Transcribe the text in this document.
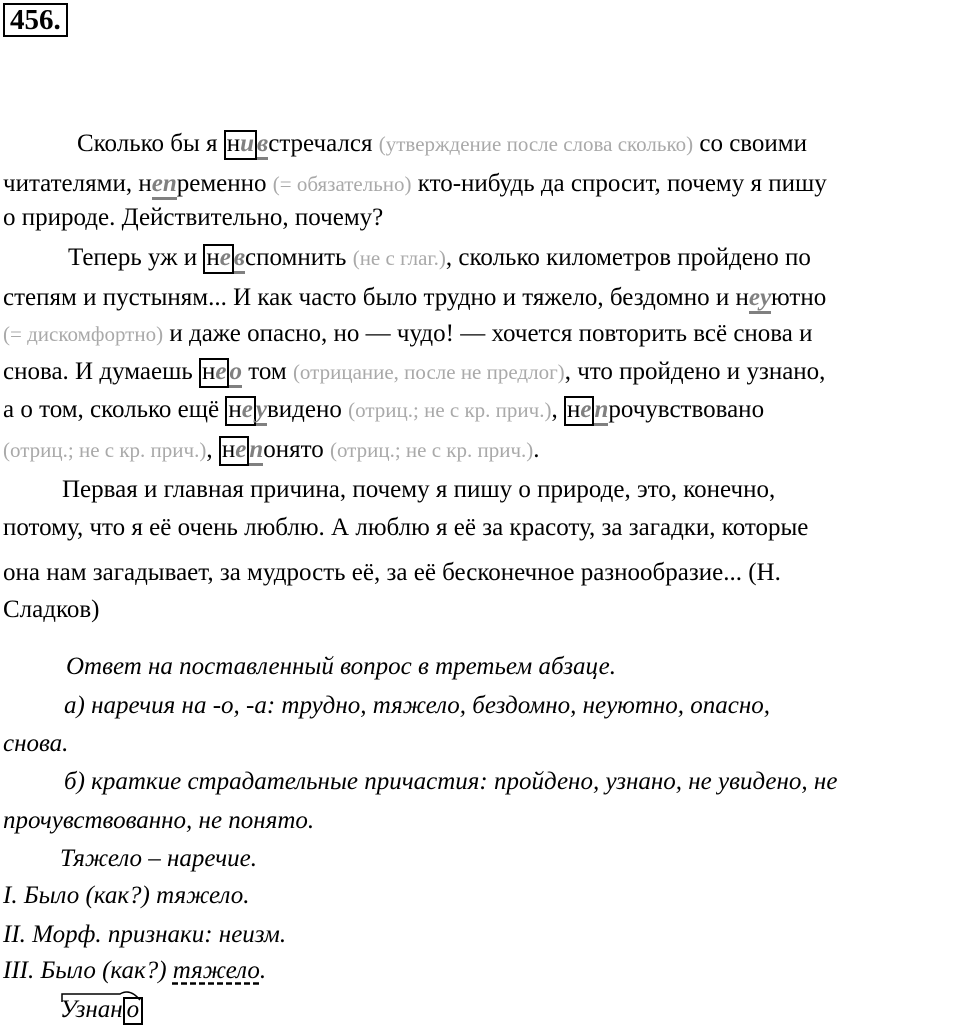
456.
Сколько бы я ни встречался (утверждение после слова сколько) со своими
читателями, непременно (= обязательно) кто-нибудь да спросит, почему я пишу
о природе. Действительно, почему?
Теперь уж и не вспомнить (не с глаг.), сколько километров пройдено по
степям и пустыням... И как часто было трудно и тяжело, бездомно и неуютно
(= дискомфортно) и даже опасно, но — чудо! — хочется повторить всё снова и
снова. И думаешь не о том (отрицание, после не предлог), что пройдено и узнано,
а о том, сколько ещё не увидено (отриц.; не с кр. прич.), не прочувствовано
(отриц.; не с кр. прич.), не понято (отриц.; не с кр. прич.).
Первая и главная причина, почему я пишу о природе, это, конечно,
потому, что я её очень люблю. А люблю я её за красоту, за загадки, которые
она нам загадывает, за мудрость её, за её бесконечное разнообразие... (Н.
Сладков)
Ответ на поставленный вопрос в третьем абзаце.
а) наречия на -о, -а: трудно, тяжело, бездомно, неуютно, опасно,
снова.
б) краткие страдательные причастия: пройдено, узнано, не увидено, не
прочувствованно, не понято.
Тяжело – наречие.
I. Было (как?) тяжело.
II. Морф. признаки: неизм.
III. Было (как?) тяжело.
Узнан о
